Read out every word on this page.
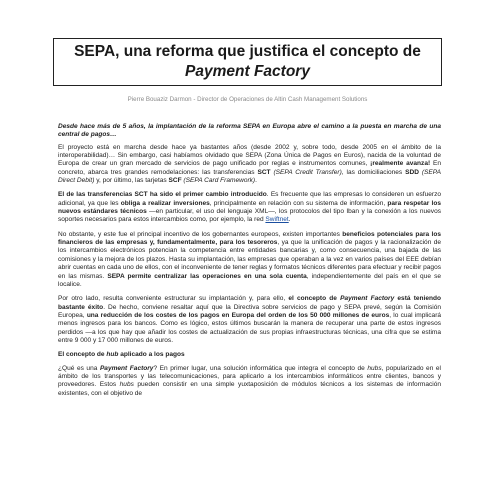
SEPA, una reforma que justifica el concepto de
Payment Factory
Pierre Bouaziz Darmon - Director de Operaciones de Altin Cash Management Solutions

Desde hace más de 5 años, la implantación de la reforma SEPA en Europa abre el camino a la puesta en marcha de una central de pagos…

El proyecto está en marcha desde hace ya bastantes años (desde 2002 y, sobre todo, desde 2005 en el ámbito de la interoperabilidad)… Sin embargo, casi habíamos olvidado que SEPA (Zona Única de Pagos en Euros), nacida de la voluntad de Europa de crear un gran mercado de servicios de pago unificado por reglas e instrumentos comunes, ¡realmente avanza! En concreto, abarca tres grandes remodelaciones: las transferencias SCT (SEPA Credit Transfer), las domiciliaciones SDD (SEPA Direct Debit) y, por último, las tarjetas SCF (SEPA Card Framework).

El de las transferencias SCT ha sido el primer cambio introducido. Es frecuente que las empresas lo consideren un esfuerzo adicional, ya que les obliga a realizar inversiones, principalmente en relación con su sistema de información, para respetar los nuevos estándares técnicos —en particular, el uso del lenguaje XML—, los protocolos del tipo Iban y la conexión a los nuevos soportes necesarios para estos intercambios como, por ejemplo, la red Swiftnet.

No obstante, y este fue el principal incentivo de los gobernantes europeos, existen importantes beneficios potenciales para los financieros de las empresas y, fundamentalmente, para los tesoreros, ya que la unificación de pagos y la racionalización de los intercambios electrónicos potencian la competencia entre entidades bancarias y, como consecuencia, una bajada de las comisiones y la mejora de los plazos. Hasta su implantación, las empresas que operaban a la vez en varios países del EEE debían abrir cuentas en cada uno de ellos, con el inconveniente de tener reglas y formatos técnicos diferentes para efectuar y recibir pagos en las mismas. SEPA permite centralizar las operaciones en una sola cuenta, independientemente del país en el que se localice.

Por otro lado, resulta conveniente estructurar su implantación y, para ello, el concepto de Payment Factory está teniendo bastante éxito. De hecho, conviene resaltar aquí que la Directiva sobre servicios de pago y SEPA prevé, según la Comisión Europea, una reducción de los costes de los pagos en Europa del orden de los 50 000 millones de euros, lo cual implicará menos ingresos para los bancos. Como es lógico, estos últimos buscarán la manera de recuperar una parte de estos ingresos perdidos —a los que hay que añadir los costes de actualización de sus propias infraestructuras técnicas, una cifra que se estima entre 9 000 y 17 000 millones de euros.

El concepto de hub aplicado a los pagos

¿Qué es una Payment Factory? En primer lugar, una solución informática que integra el concepto de hubs, popularizado en el ámbito de los transportes y las telecomunicaciones, para aplicarlo a los intercambios informáticos entre clientes, bancos y proveedores. Estos hubs pueden consistir en una simple yuxtaposición de módulos técnicos a los sistemas de información existentes, con el objetivo de
